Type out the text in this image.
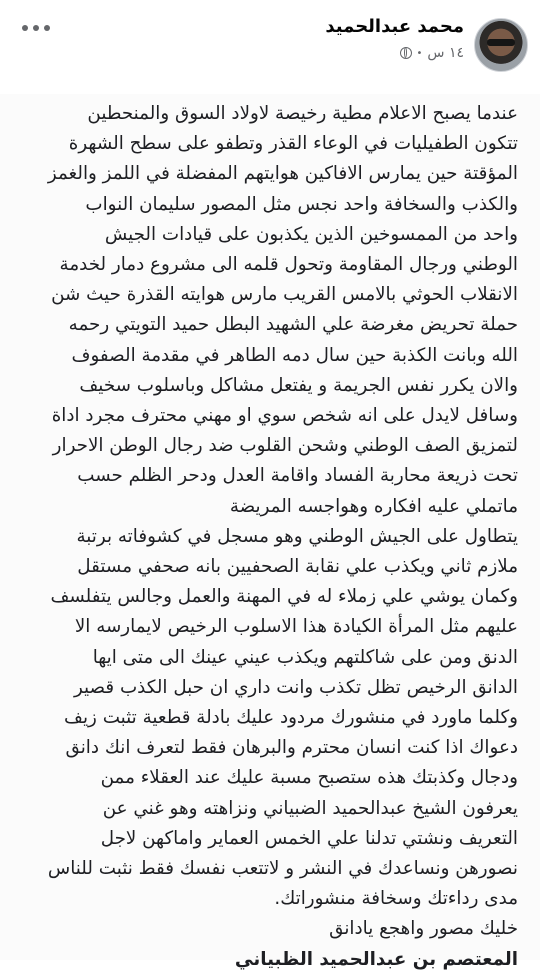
محمد عبدالحميد
١٤ س
•
عندما يصبح الاعلام مطية رخيصة لاولاد السوق والمنحطين
تتكون الطفيليات في الوعاء القذر وتطفو على سطح الشهرة
المؤقتة حين يمارس الافاكين هوايتهم المفضلة في اللمز والغمز
والكذب والسخافة واحد نجس مثل المصور سليمان النواب
واحد من الممسوخين الذين يكذبون على قيادات الجيش
الوطني ورجال المقاومة وتحول قلمه الى مشروع دمار لخدمة
الانقلاب الحوثي بالامس القريب مارس هوايته القذرة حيث شن
حملة تحريض مغرضة علي الشهيد البطل حميد التويتي رحمه
الله وبانت الكذبة حين سال دمه الطاهر في مقدمة الصفوف
والان يكرر نفس الجريمة و يفتعل مشاكل وباسلوب سخيف
وسافل لايدل على انه شخص سوي او مهني محترف مجرد اداة
لتمزيق الصف الوطني وشحن القلوب ضد رجال الوطن الاحرار
تحت ذريعة محاربة الفساد واقامة العدل ودحر الظلم حسب
ماتملي عليه افكاره وهواجسه المريضة
يتطاول على الجيش الوطني وهو مسجل في كشوفاته برتبة
ملازم ثاني ويكذب علي نقابة الصحفيين بانه صحفي مستقل
وكمان يوشي علي زملاء له في المهنة والعمل وجالس يتفلسف
عليهم مثل المرأة الكيادة هذا الاسلوب الرخيص لايمارسه الا
الدنق ومن على شاكلتهم ويكذب عيني عينك الى متى ايها
الدانق الرخيص تظل تكذب وانت داري ان حبل الكذب قصير
وكلما ماورد في منشورك مردود عليك بادلة قطعية تثبت زيف
دعواك اذا كنت انسان محترم والبرهان فقط لتعرف انك دانق
ودجال وكذبتك هذه ستصبح مسبة عليك عند العقلاء ممن
يعرفون الشيخ عبدالحميد الضبياني ونزاهته وهو غني عن
التعريف ونشتي تدلنا علي الخمس العماير واماكهن لاجل
نصورهن ونساعدك في النشر و لاتتعب نفسك فقط نثبت للناس
مدى رداءتك وسخافة منشوراتك.
خليك مصور واهجع يادانق
المعتصم بن عبدالحميد الظبياني
